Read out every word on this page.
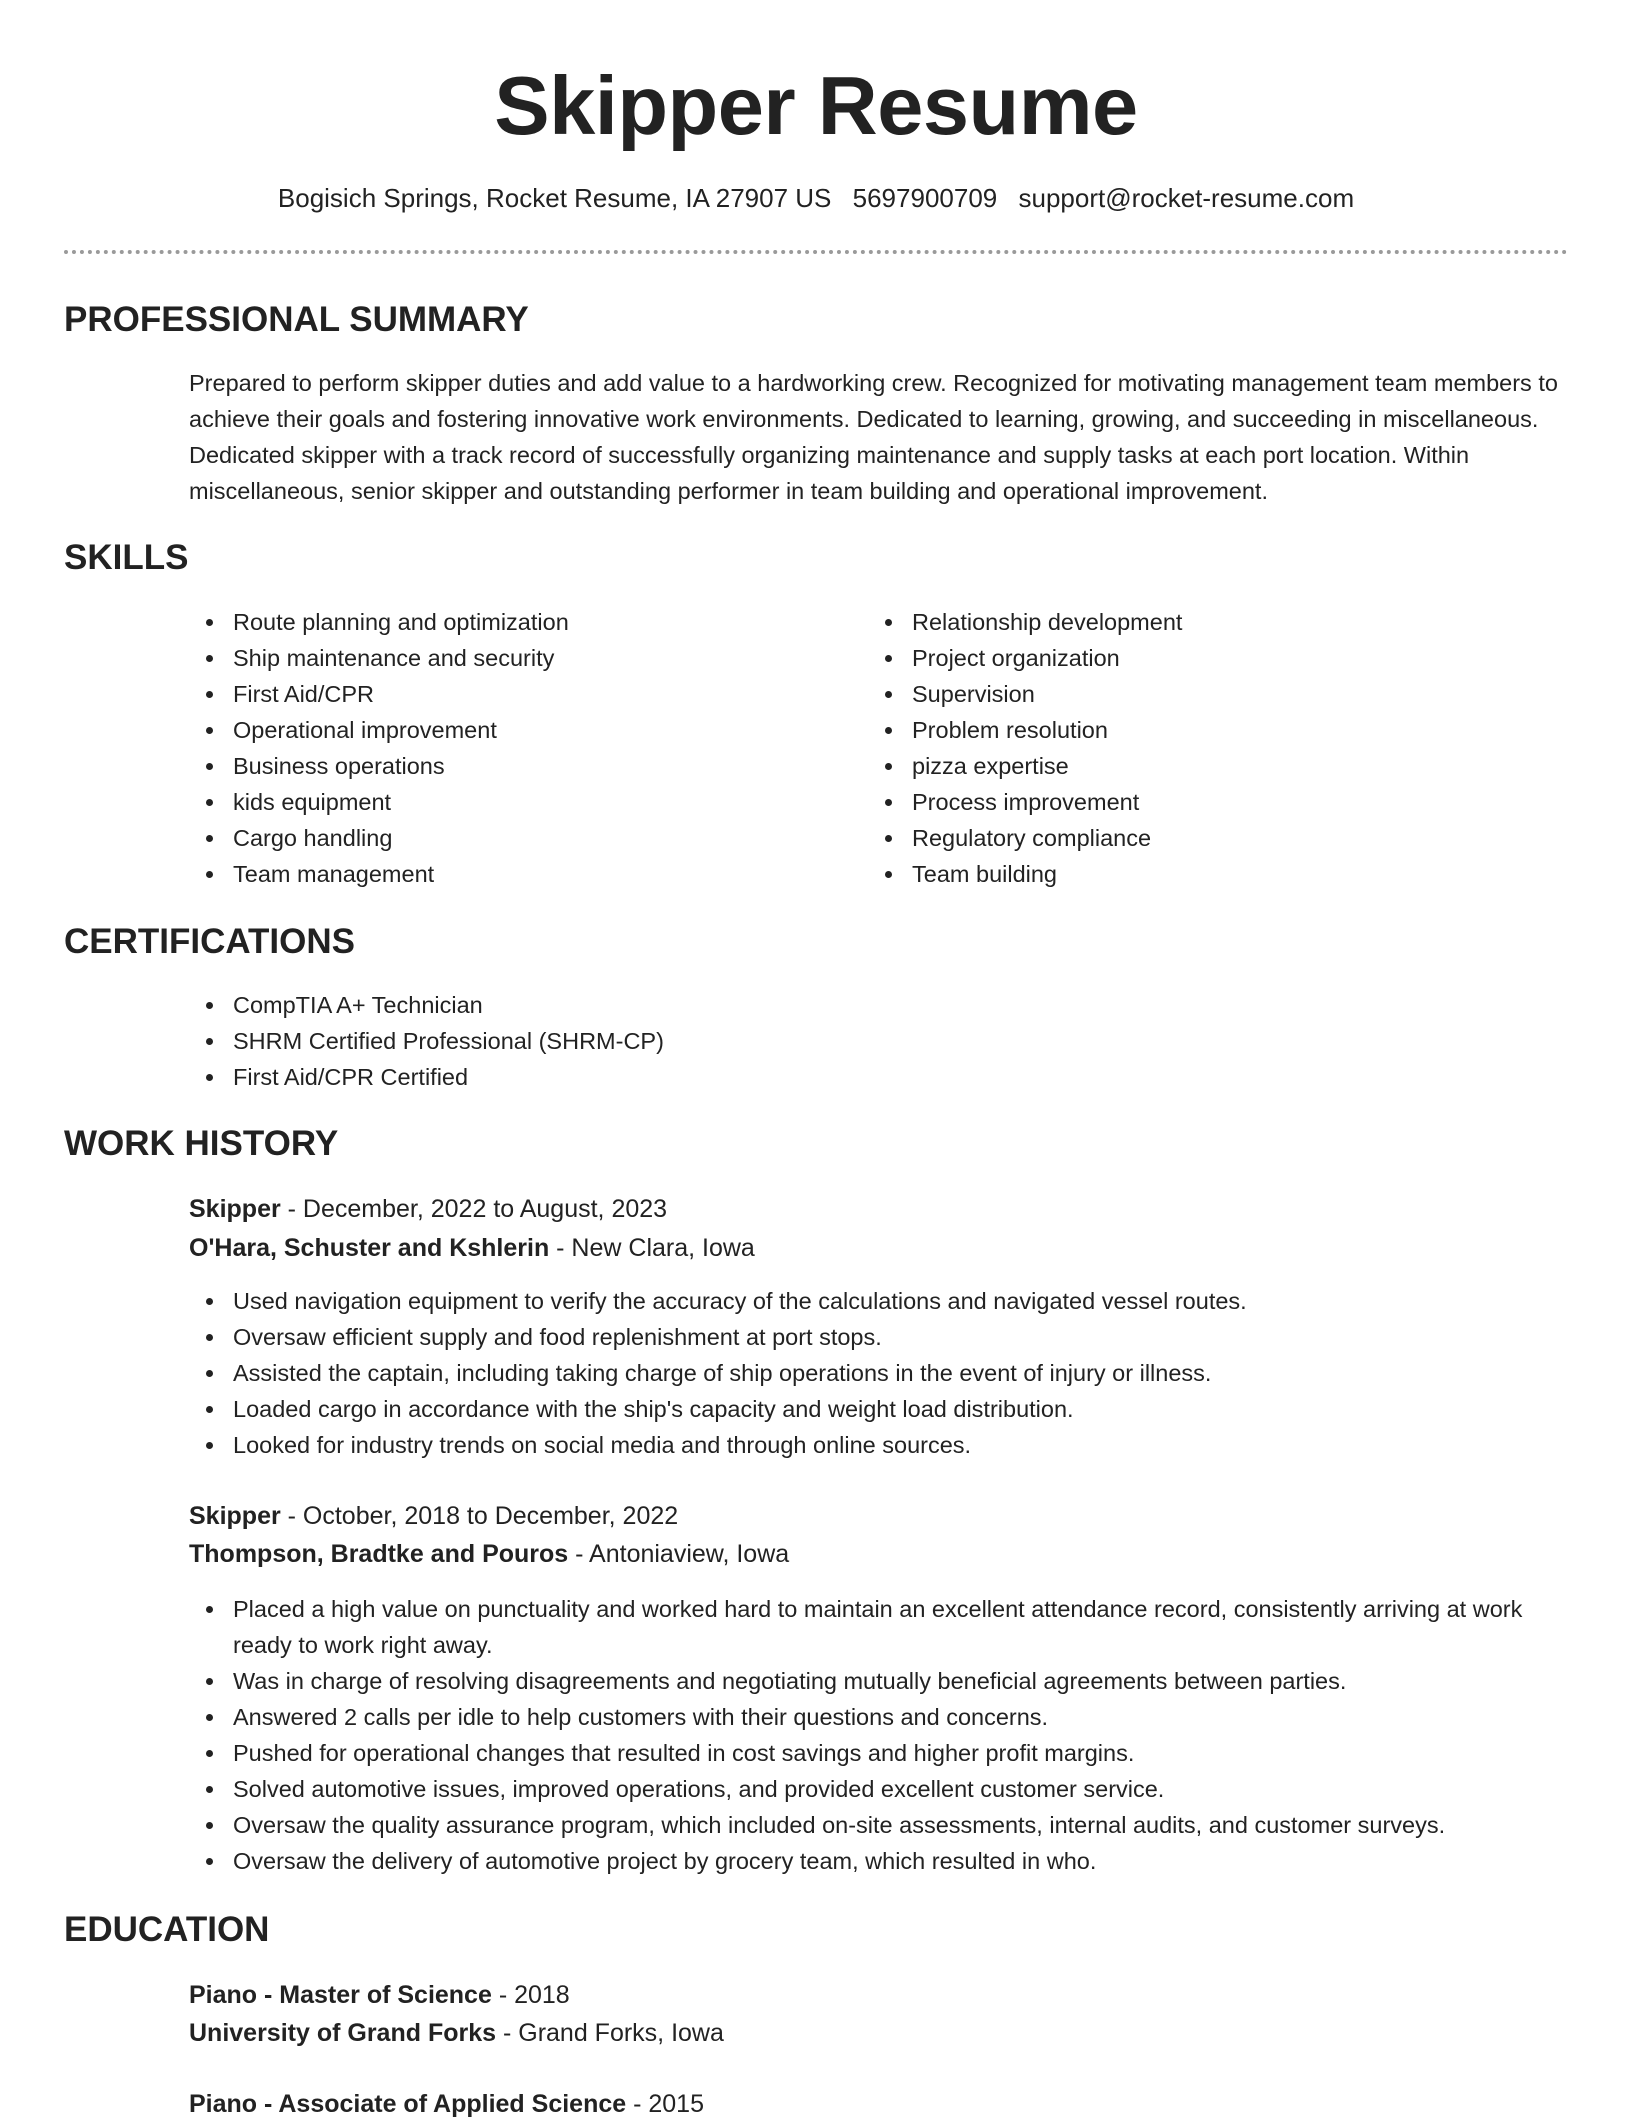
Skipper Resume
Bogisich Springs, Rocket Resume, IA 27907 US 5697900709 support@rocket-resume.com
PROFESSIONAL SUMMARY

Prepared to perform skipper duties and add value to a hardworking crew. Recognized for motivating management team members to achieve their goals and fostering innovative work environments. Dedicated to learning, growing, and succeeding in miscellaneous. Dedicated skipper with a track record of successfully organizing maintenance and supply tasks at each port location. Within miscellaneous, senior skipper and outstanding performer in team building and operational improvement.

SKILLS
Route planning and optimization
Ship maintenance and security
First Aid/CPR
Operational improvement
Business operations
kids equipment
Cargo handling
Team management
Relationship development
Project organization
Supervision
Problem resolution
pizza expertise
Process improvement
Regulatory compliance
Team building
CERTIFICATIONS
CompTIA A+ Technician
SHRM Certified Professional (SHRM-CP)
First Aid/CPR Certified
WORK HISTORY
Skipper - December, 2022 to August, 2023
O'Hara, Schuster and Kshlerin - New Clara, Iowa
Used navigation equipment to verify the accuracy of the calculations and navigated vessel routes.
Oversaw efficient supply and food replenishment at port stops.
Assisted the captain, including taking charge of ship operations in the event of injury or illness.
Loaded cargo in accordance with the ship's capacity and weight load distribution.
Looked for industry trends on social media and through online sources.
Skipper - October, 2018 to December, 2022
Thompson, Bradtke and Pouros - Antoniaview, Iowa
Placed a high value on punctuality and worked hard to maintain an excellent attendance record, consistently arriving at work ready to work right away.
Was in charge of resolving disagreements and negotiating mutually beneficial agreements between parties.
Answered 2 calls per idle to help customers with their questions and concerns.
Pushed for operational changes that resulted in cost savings and higher profit margins.
Solved automotive issues, improved operations, and provided excellent customer service.
Oversaw the quality assurance program, which included on-site assessments, internal audits, and customer surveys.
Oversaw the delivery of automotive project by grocery team, which resulted in who.
EDUCATION
Piano - Master of Science - 2018
University of Grand Forks - Grand Forks, Iowa
Piano - Associate of Applied Science - 2015
